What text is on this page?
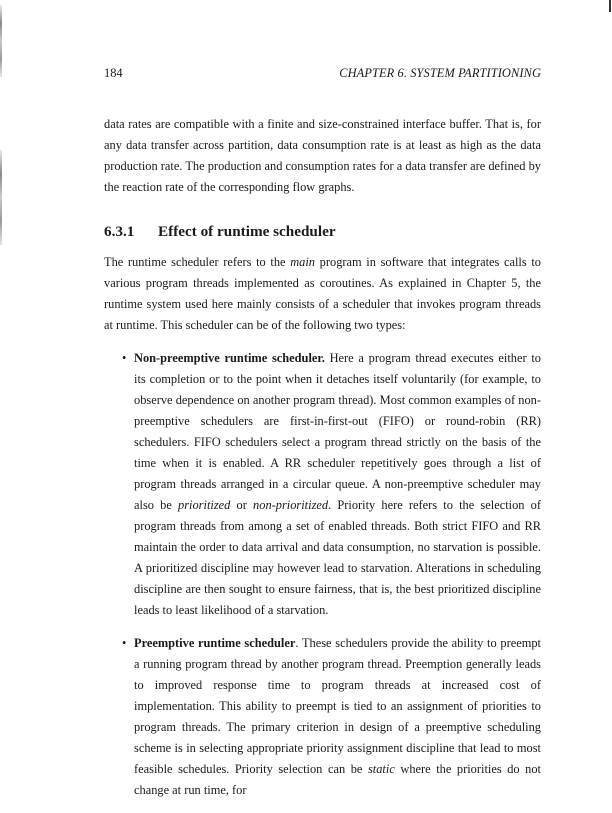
184	CHAPTER 6. SYSTEM PARTITIONING

data rates are compatible with a finite and size-constrained interface buffer. That is, for any data transfer across partition, data consumption rate is at least as high as the data production rate. The production and consumption rates for a data transfer are defined by the reaction rate of the corresponding flow graphs.

6.3.1 Effect of runtime scheduler

The runtime scheduler refers to the main program in software that integrates calls to various program threads implemented as coroutines. As explained in Chapter 5, the runtime system used here mainly consists of a scheduler that invokes program threads at runtime. This scheduler can be of the following two types:

• Non-preemptive runtime scheduler. Here a program thread executes either to its completion or to the point when it detaches itself voluntarily (for example, to observe dependence on another program thread). Most common examples of non-preemptive schedulers are first-in-first-out (FIFO) or round-robin (RR) schedulers. FIFO schedulers select a program thread strictly on the basis of the time when it is enabled. A RR scheduler repetitively goes through a list of program threads arranged in a circular queue. A non-preemptive scheduler may also be prioritized or non-prioritized. Priority here refers to the selection of program threads from among a set of enabled threads. Both strict FIFO and RR maintain the order to data arrival and data consumption, no starvation is possible. A prioritized discipline may however lead to starvation. Alterations in scheduling discipline are then sought to ensure fairness, that is, the best prioritized discipline leads to least likelihood of a starvation.
• Preemptive runtime scheduler. These schedulers provide the ability to preempt a running program thread by another program thread. Preemption generally leads to improved response time to program threads at increased cost of implementation. This ability to preempt is tied to an assignment of priorities to program threads. The primary criterion in design of a preemptive scheduling scheme is in selecting appropriate priority assignment discipline that lead to most feasible schedules. Priority selection can be static where the priorities do not change at run time, for
